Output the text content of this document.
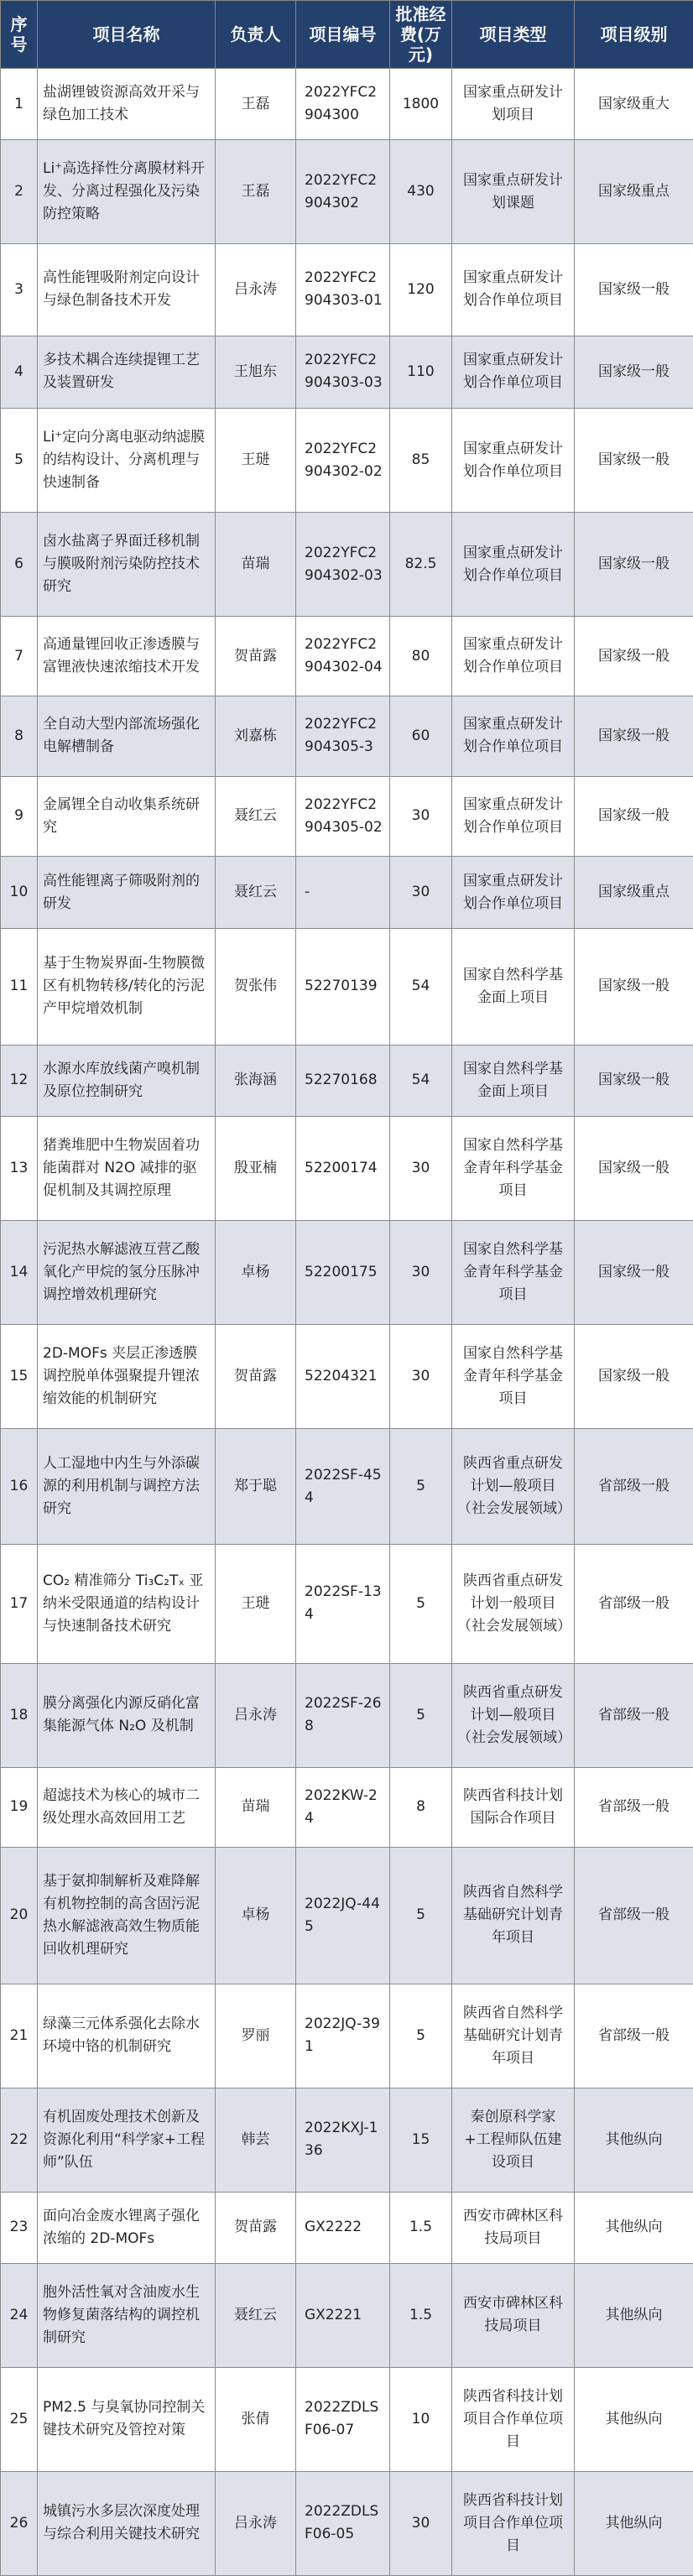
序号	项目名称	负责人	项目编号	批准经费(万元)	项目类型	项目级别
1	盐湖锂铍资源高效开采与绿色加工技术	王磊	2022YFC2904300	1800	国家重点研发计划项目	国家级重大
2	Li⁺高选择性分离膜材料开发、分离过程强化及污染防控策略	王磊	2022YFC2904302	430	国家重点研发计划课题	国家级重点
3	高性能锂吸附剂定向设计与绿色制备技术开发	吕永涛	2022YFC2904303-01	120	国家重点研发计划合作单位项目	国家级一般
4	多技术耦合连续提锂工艺及装置研发	王旭东	2022YFC2904303-03	110	国家重点研发计划合作单位项目	国家级一般
5	Li⁺定向分离电驱动纳滤膜的结构设计、分离机理与快速制备	王琎	2022YFC2904302-02	85	国家重点研发计划合作单位项目	国家级一般
6	卤水盐离子界面迁移机制与膜吸附剂污染防控技术研究	苗瑞	2022YFC2904302-03	82.5	国家重点研发计划合作单位项目	国家级一般
7	高通量锂回收正渗透膜与富锂液快速浓缩技术开发	贺苗露	2022YFC2904302-04	80	国家重点研发计划合作单位项目	国家级一般
8	全自动大型内部流场强化电解槽制备	刘嘉栋	2022YFC2904305-3	60	国家重点研发计划合作单位项目	国家级一般
9	金属锂全自动收集系统研究	聂红云	2022YFC2904305-02	30	国家重点研发计划合作单位项目	国家级一般
10	高性能锂离子筛吸附剂的研发	聂红云	-	30	国家重点研发计划合作单位项目	国家级重点
11	基于生物炭界面-生物膜微区有机物转移/转化的污泥产甲烷增效机制	贺张伟	52270139	54	国家自然科学基金面上项目	国家级一般
12	水源水库放线菌产嗅机制及原位控制研究	张海涵	52270168	54	国家自然科学基金面上项目	国家级一般
13	猪粪堆肥中生物炭固着功能菌群对 N2O 减排的驱促机制及其调控原理	殷亚楠	52200174	30	国家自然科学基金青年科学基金项目	国家级一般
14	污泥热水解滤液互营乙酸氧化产甲烷的氢分压脉冲调控增效机理研究	卓杨	52200175	30	国家自然科学基金青年科学基金项目	国家级一般
15	2D-MOFs 夹层正渗透膜调控脱单体强聚提升锂浓缩效能的机制研究	贺苗露	52204321	30	国家自然科学基金青年科学基金项目	国家级一般
16	人工湿地中内生与外添碳源的利用机制与调控方法研究	郑于聪	2022SF-454	5	陕西省重点研发计划—般项目（社会发展领域）	省部级一般
17	CO₂ 精准筛分 Ti₃C₂Tₓ 亚纳米受限通道的结构设计与快速制备技术研究	王琎	2022SF-134	5	陕西省重点研发计划一般项目（社会发展领域）	省部级一般
18	膜分离强化内源反硝化富集能源气体 N₂O 及机制	吕永涛	2022SF-268	5	陕西省重点研发计划—般项目（社会发展领域）	省部级一般
19	超滤技术为核心的城市二级处理水高效回用工艺	苗瑞	2022KW-24	8	陕西省科技计划国际合作项目	省部级一般
20	基于氨抑制解析及难降解有机物控制的高含固污泥热水解滤液高效生物质能回收机理研究	卓杨	2022JQ-445	5	陕西省自然科学基础研究计划青年项目	省部级一般
21	绿藻三元体系强化去除水环境中铬的机制研究	罗丽	2022JQ-391	5	陕西省自然科学基础研究计划青年项目	省部级一般
22	有机固废处理技术创新及资源化利用“科学家+工程师”队伍	韩芸	2022KXJ-136	15	秦创原科学家+工程师队伍建设项目	其他纵向
23	面向冶金废水锂离子强化浓缩的 2D-MOFs	贺苗露	GX2222	1.5	西安市碑林区科技局项目	其他纵向
24	胞外活性氧对含油废水生物修复菌落结构的调控机制研究	聂红云	GX2221	1.5	西安市碑林区科技局项目	其他纵向
25	PM2.5 与臭氧协同控制关键技术研究及管控对策	张倩	2022ZDLSF06-07	10	陕西省科技计划项目合作单位项目	其他纵向
26	城镇污水多层次深度处理与综合利用关键技术研究	吕永涛	2022ZDLSF06-05	30	陕西省科技计划项目合作单位项目	其他纵向
